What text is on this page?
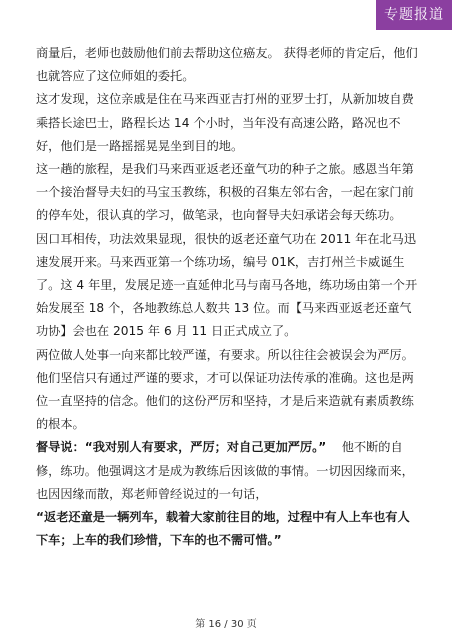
专题报道

商量后，老师也鼓励他们前去帮助这位癌友。 获得老师的肯定后，他们也就答应了这位师姐的委托。

这才发现，这位亲戚是住在马来西亚吉打州的亚罗士打，从新加坡自费乘搭长途巴士，路程长达 14 个小时，当年没有高速公路，路况也不好，他们是一路摇摇晃晃坐到目的地。

这一趟的旅程，是我们马来西亚返老还童气功的种子之旅。感恩当年第一个接治督导夫妇的马宝玉教练，积极的召集左邻右舍，一起在家门前的停车处，很认真的学习，做笔录，也向督导夫妇承诺会每天练功。

因口耳相传，功法效果显现，很快的返老还童气功在 2011 年在北马迅速发展开来。马来西亚第一个练功场，编号 01K，吉打州兰卡威诞生了。这 4 年里，发展足迹一直延伸北马与南马各地，练功场由第一个开始发展至 18 个，各地教练总人数共 13 位。而【马来西亚返老还童气功协】会也在 2015 年 6 月 11 日正式成立了。

两位做人处事一向来都比较严谨，有要求。所以往往会被误会为严厉。他们坚信只有通过严谨的要求，才可以保证功法传承的准确。这也是两位一直坚持的信念。他们的这份严厉和坚持，才是后来造就有素质教练的根本。

督导说：“我对别人有要求，严厉；对自己更加严厉。” 他不断的自修，练功。他强调这才是成为教练后因该做的事情。一切因因缘而来，也因因缘而散，郑老师曾经说过的一句话，

“返老还童是一辆列车，载着大家前往目的地，过程中有人上车也有人下车；上车的我们珍惜，下车的也不需可惜。”

第 16 / 30 页
